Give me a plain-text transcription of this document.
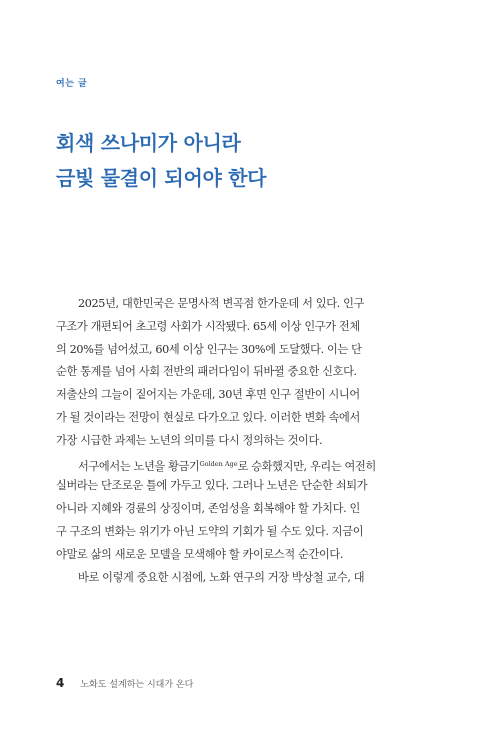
여는 글
회색 쓰나미가 아니라
금빛 물결이 되어야 한다
2025년, 대한민국은 문명사적 변곡점 한가운데 서 있다. 인구
구조가 개편되어 초고령 사회가 시작됐다. 65세 이상 인구가 전체
의 20%를 넘어섰고, 60세 이상 인구는 30%에 도달했다. 이는 단
순한 통계를 넘어 사회 전반의 패러다임이 뒤바뀔 중요한 신호다.
저출산의 그늘이 짙어지는 가운데, 30년 후면 인구 절반이 시니어
가 될 것이라는 전망이 현실로 다가오고 있다. 이러한 변화 속에서
가장 시급한 과제는 노년의 의미를 다시 정의하는 것이다.
서구에서는 노년을 황금기$^{Golden Age}$로 승화했지만, 우리는 여전히
실버라는 단조로운 틀에 가두고 있다. 그러나 노년은 단순한 쇠퇴가
아니라 지혜와 경륜의 상징이며, 존엄성을 회복해야 할 가치다. 인
구 구조의 변화는 위기가 아닌 도약의 기회가 될 수도 있다. 지금이
야말로 삶의 새로운 모델을 모색해야 할 카이로스적 순간이다.
바로 이렇게 중요한 시점에, 노화 연구의 거장 박상철 교수, 대
4 노화도 설계하는 시대가 온다
